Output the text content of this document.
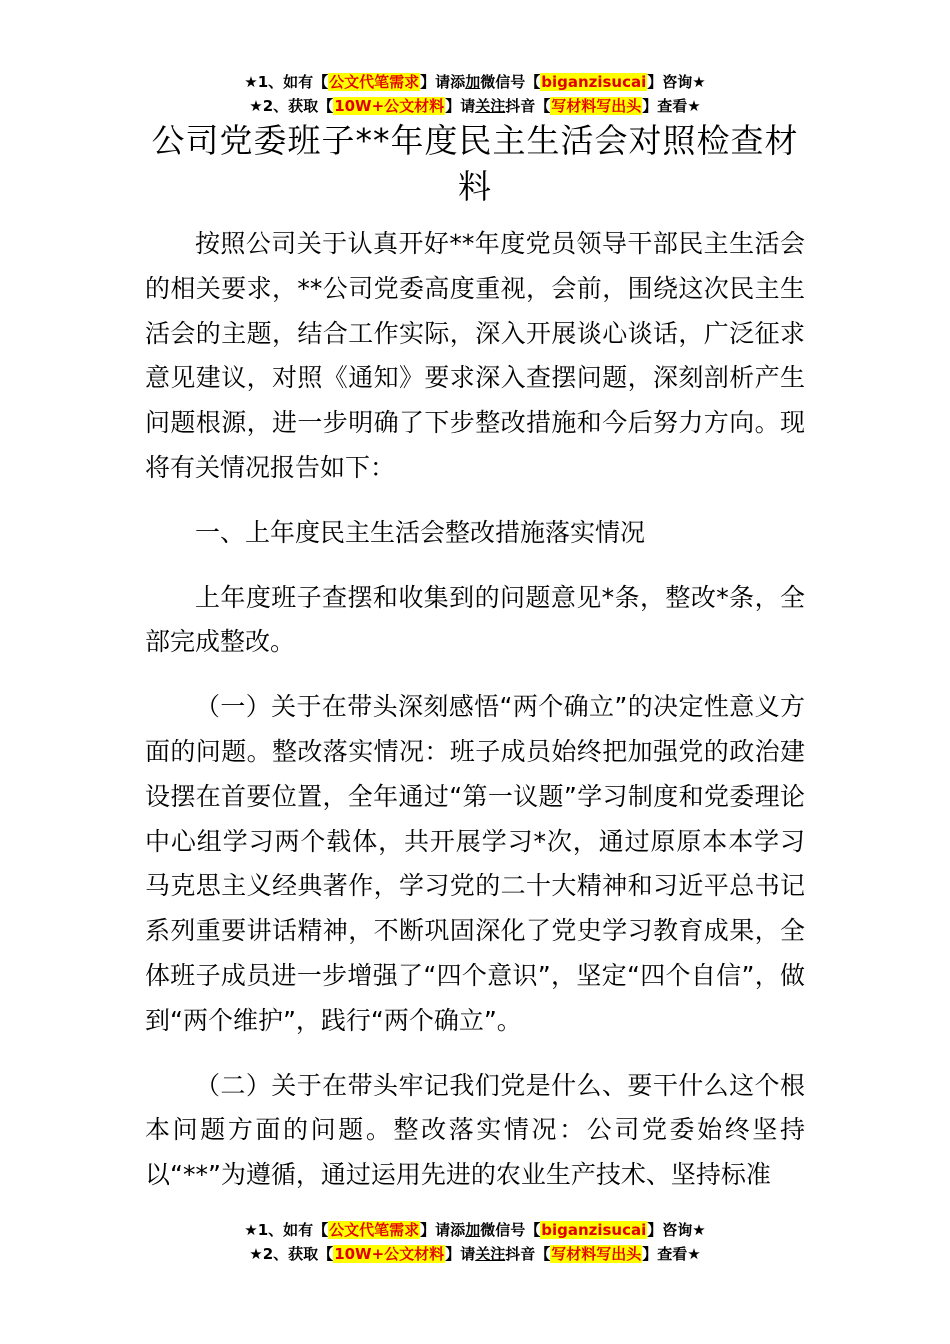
★1、如有【公文代笔需求】请添加微信号【biganzisucai】咨询★
★2、获取【10W+公文材料】请关注抖音【写材料写出头】查看★
公司党委班子**年度民主生活会对照检查材料

按照公司关于认真开好**年度党员领导干部民主生活会的相关要求，**公司党委高度重视，会前，围绕这次民主生活会的主题，结合工作实际，深入开展谈心谈话，广泛征求意见建议，对照《通知》要求深入查摆问题，深刻剖析产生问题根源，进一步明确了下步整改措施和今后努力方向。现将有关情况报告如下：

一、上年度民主生活会整改措施落实情况

上年度班子查摆和收集到的问题意见*条，整改*条，全部完成整改。

（一）关于在带头深刻感悟“两个确立”的决定性意义方面的问题。整改落实情况：班子成员始终把加强党的政治建设摆在首要位置，全年通过“第一议题”学习制度和党委理论中心组学习两个载体，共开展学习*次，通过原原本本学习马克思主义经典著作，学习党的二十大精神和习近平总书记系列重要讲话精神，不断巩固深化了党史学习教育成果，全体班子成员进一步增强了“四个意识”，坚定“四个自信”，做到“两个维护”，践行“两个确立”。

（二）关于在带头牢记我们党是什么、要干什么这个根本问题方面的问题。整改落实情况：公司党委始终坚持以“**”为遵循，通过运用先进的农业生产技术、坚持标准

★1、如有【公文代笔需求】请添加微信号【biganzisucai】咨询★
★2、获取【10W+公文材料】请关注抖音【写材料写出头】查看★
